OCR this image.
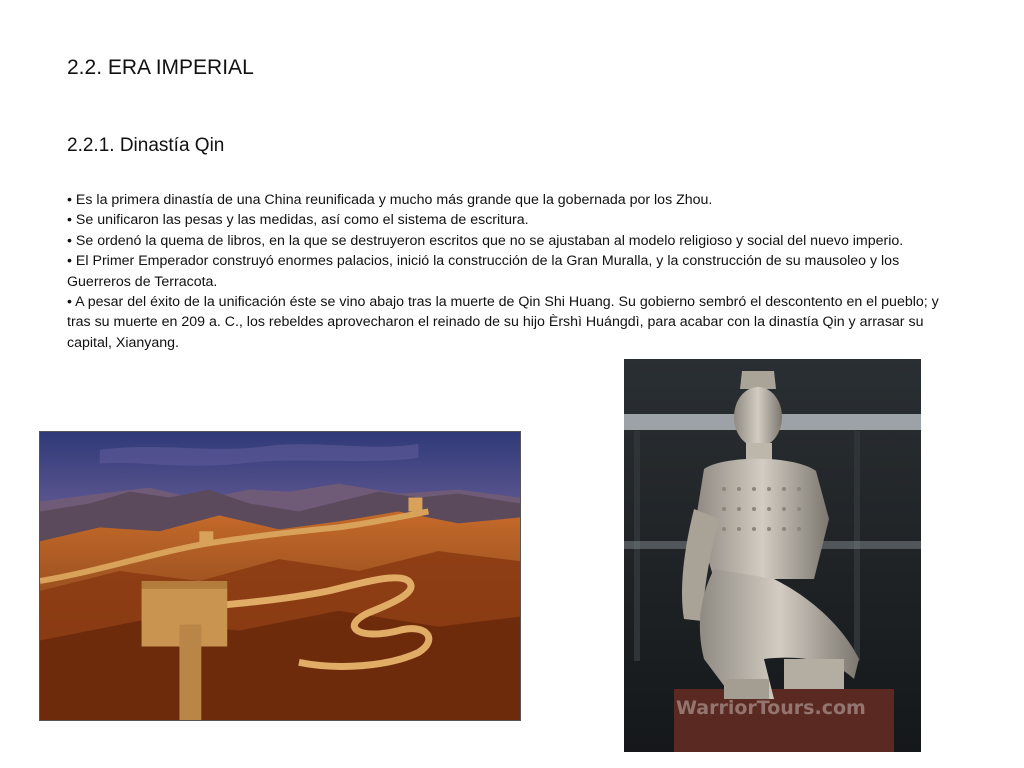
2.2. ERA IMPERIAL
2.2.1. Dinastía Qin
• Es la primera dinastía de una China reunificada y mucho más grande que la gobernada por los Zhou.
• Se unificaron las pesas y las medidas, así como el sistema de escritura.
• Se ordenó la quema de libros, en la que se destruyeron escritos que no se ajustaban al modelo religioso y social del nuevo imperio.
• El Primer Emperador construyó enormes palacios, inició la construcción de la Gran Muralla, y la construcción de su mausoleo y los Guerreros de Terracota.
• A pesar del éxito de la unificación éste se vino abajo tras la muerte de Qin Shi Huang. Su gobierno sembró el descontento en el pueblo; y tras su muerte en 209 a. C., los rebeldes aprovecharon el reinado de su hijo Èrshì Huángdì, para acabar con la dinastía Qin y arrasar su capital, Xianyang.
WarriorTours.com
